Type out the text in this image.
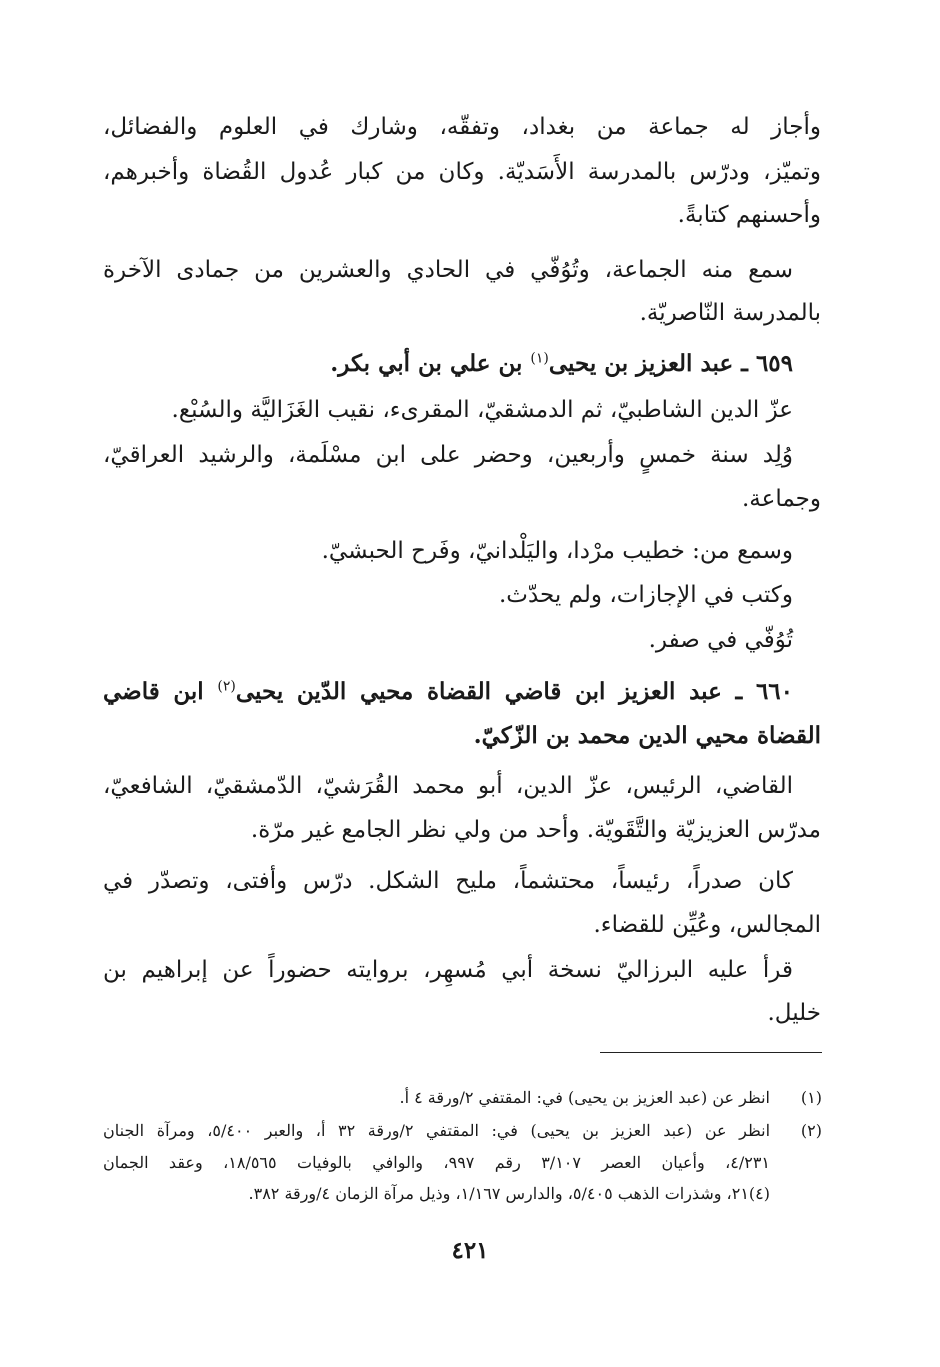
وأجاز له جماعة من بغداد، وتفقّه، وشارك في العلوم والفضائل،
وتميّز، ودرّس بالمدرسة الأَسَديّة. وكان من كبار عُدول القُضاة وأخبرهم،
وأحسنهم كتابةً.
سمع منه الجماعة، وتُوُفّي في الحادي والعشرين من جمادى الآخرة
بالمدرسة النّاصريّة.
٦٥٩ ـ عبد العزيز بن يحيى$^{(١)}$ بن علي بن أبي بكر.
عزّ الدين الشاطبيّ، ثم الدمشقيّ، المقرىء، نقيب الغَزَاليَّة والسُبْع.
وُلِد سنة خمسٍ وأربعين، وحضر على ابن مسْلَمة، والرشيد العراقيّ،
وجماعة.
وسمع من: خطيب مرْدا، واليَلْدانيّ، وفَرح الحبشيّ.
وكتب في الإجازات، ولم يحدّث.
تُوُفّي في صفر.
٦٦٠ ـ عبد العزيز ابن قاضي القضاة محيي الدّين يحيى$^{(٢)}$ ابن قاضي
القضاة محيي الدين محمد بن الزّكيّ.
القاضي، الرئيس، عزّ الدين، أبو محمد القُرَشيّ، الدّمشقيّ، الشافعيّ،
مدرّس العزيزيّة والتَّقَويّة. وأحد من ولي نظر الجامع غير مرّة.
كان صدراً، رئيساً، محتشماً، مليح الشكل. درّس وأفتى، وتصدّر في
المجالس، وعُيِّن للقضاء.
قرأ عليه البرزاليّ نسخة أبي مُسهِر، بروايته حضوراً عن إبراهيم بن
خليل.
(١)
انظر عن (عبد العزيز بن يحيى) في: المقتفي ٢/ورقة ٤ أ.
(٢)
انظر عن (عبد العزيز بن يحيى) في: المقتفي ٢/ورقة ٣٢ أ، والعبر ٥/٤٠٠، ومرآة الجنان
٤/٢٣١، وأعيان العصر ٣/١٠٧ رقم ٩٩٧، والوافي بالوفيات ١٨/٥٦٥، وعقد الجمان
(٤)٢١، وشذرات الذهب ٥/٤٠٥، والدارس ١/١٦٧، وذيل مرآة الزمان ٤/ورقة ٣٨٢.
٤٢١
